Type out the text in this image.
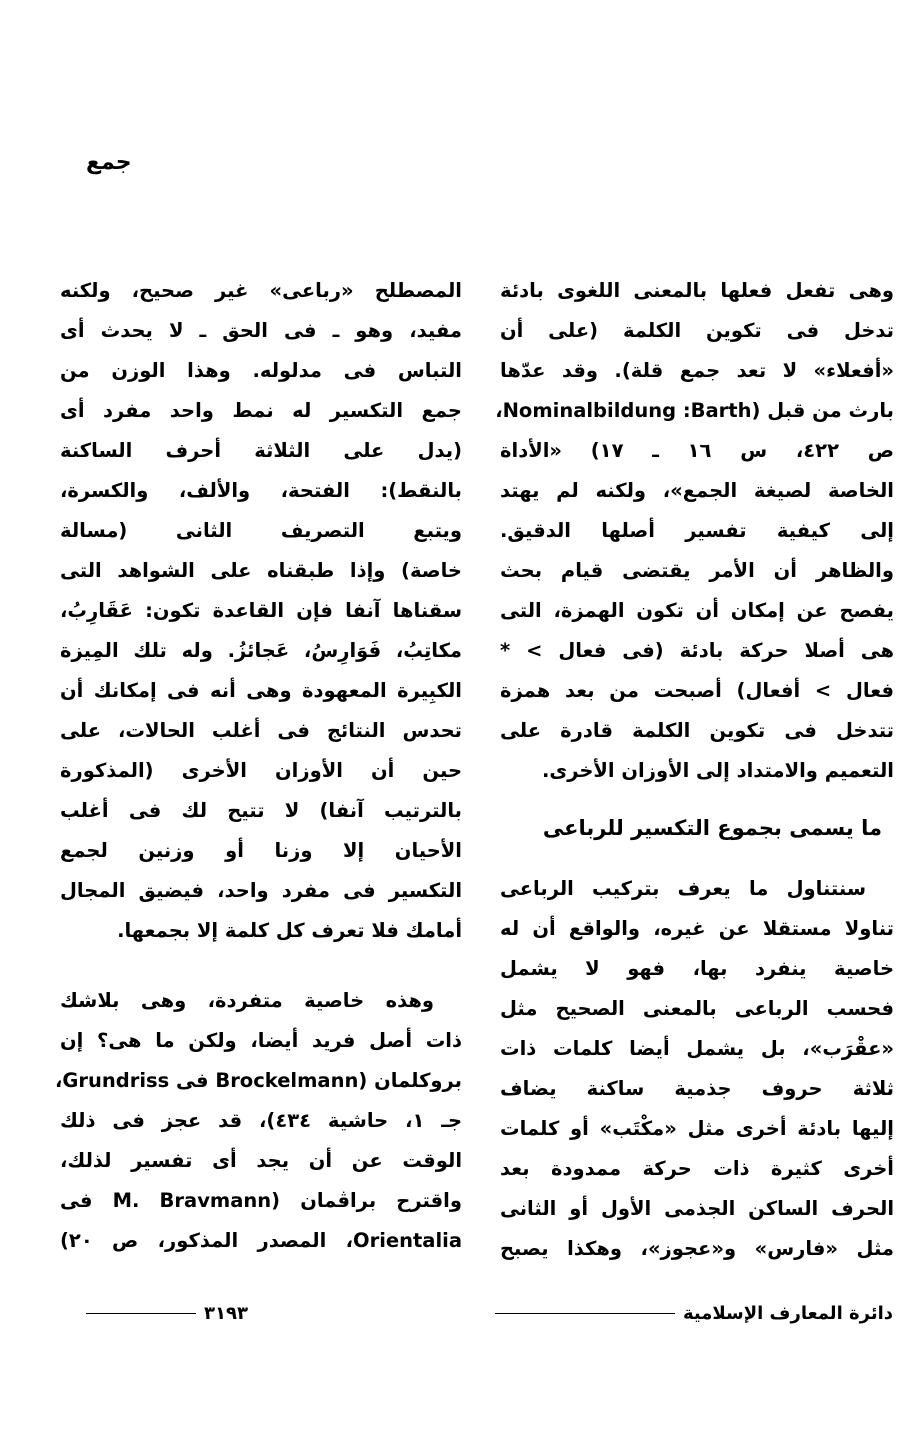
جمع
وهى تفعل فعلها بالمعنى اللغوى بادئة
تدخل فى تكوين الكلمة (على أن
«أفعلاء» لا تعد جمع قلة). وقد عدّها
بارث من قبل (Nominalbildung :Barth،
ص ٤٢٢، س ١٦ ـ ١٧) «الأداة
الخاصة لصيغة الجمع»، ولكنه لم يهتد
إلى كيفية تفسير أصلها الدقيق.
والظاهر أن الأمر يقتضى قيام بحث
يفصح عن إمكان أن تكون الهمزة، التى
هى أصلا حركة بادئة (فى فعال > *
فعال > أفعال) أصبحت من بعد همزة
تتدخل فى تكوين الكلمة قادرة على
التعميم والامتداد إلى الأوزان الأخرى.
ما يسمى بجموع التكسير للرباعى
سنتناول ما يعرف بتركيب الرباعى
تناولا مستقلا عن غيره، والواقع أن له
خاصية ينفرد بها، فهو لا يشمل
فحسب الرباعى بالمعنى الصحيح مثل
«عقْرَب»، بل يشمل أيضا كلمات ذات
ثلاثة حروف جذمية ساكنة يضاف
إليها بادئة أخرى مثل «مكْتَب» أو كلمات
أخرى كثيرة ذات حركة ممدودة بعد
الحرف الساكن الجذمى الأول أو الثانى
مثل «فارس» و«عجوز»، وهكذا يصبح
المصطلح «رباعى» غير صحيح، ولكنه
مفيد، وهو ـ فى الحق ـ لا يحدث أى
التباس فى مدلوله. وهذا الوزن من
جمع التكسير له نمط واحد مفرد أى
(يدل على الثلاثة أحرف الساكنة
بالنقط): الفتحة، والألف، والكسرة،
ويتبع التصريف الثانى (مسالة
خاصة) وإذا طبقناه على الشواهد التى
سقناها آنفا فإن القاعدة تكون: عَقَارِبُ،
مكاتِبُ، فَوَارِسُ، عَجائزُ. وله تلك المِيزة
الكبِيرة المعهودة وهى أنه فى إمكانك أن
تحدس النتائج فى أغلب الحالات، على
حين أن الأوزان الأخرى (المذكورة
بالترتيب آنفا) لا تتيح لك فى أغلب
الأحيان إلا وزنا أو وزنين لجمع
التكسير فى مفرد واحد، فيضيق المجال
أمامك فلا تعرف كل كلمة إلا بجمعها.
وهذه خاصية متفردة، وهى بلاشك
ذات أصل فريد أيضا، ولكن ما هى؟ إن
بروكلمان (Brockelmann فى Grundriss،
جـ ١، حاشية ٤٣٤)، قد عجز فى ذلك
الوقت عن أن يجد أى تفسير لذلك،
واقترح براڤمان (M. Bravmann فى
Orientalia، المصدر المذكور، ص ٢٠)
دائرة المعارف الإسلامية
٣١٩٣
